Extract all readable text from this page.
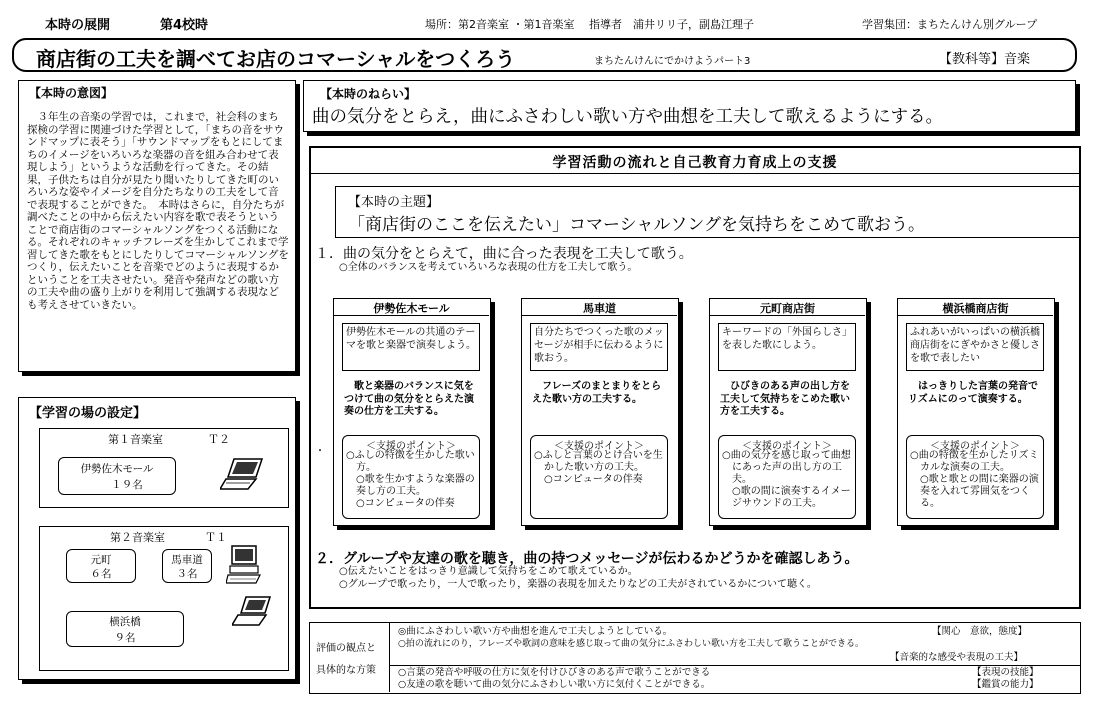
本時の展開	第4校時	場所：第2音楽室 ・第1音楽室　 指導者　浦井リリ子，副島江理子	学習集団：まちたんけん別グループ
商店街の工夫を調べてお店のコマーシャルをつくろう	まちたんけんにでかけようパート3	【教科等】音楽
【本時の意図】
３年生の音楽の学習では，これまで，社会科のまち探検の学習に関連づけた学習として，「まちの音をサウンドマップに表そう」「サウンドマップをもとにしてまちのイメージをいろいろな楽器の音を組み合わせて表現しよう」というような活動を行ってきた。その結果，子供たちは自分が見たり聞いたりしてきた町のいろいろな姿やイメージを自分たちなりの工夫をして音で表現することができた。　本時はさらに，自分たちが調べたことの中から伝えたい内容を歌で表そうということで商店街のコマーシャルソングをつくる活動になる。それぞれのキャッチフレーズを生かしてこれまで学習してきた歌をもとにしたりしてコマーシャルソングをつくり，伝えたいことを音楽でどのように表現するかということを工夫させたい。発音や発声などの歌い方の工夫や曲の盛り上がりを利用して強調する表現なども考えさせていきたい。
【本時のねらい】
曲の気分をとらえ，曲にふさわしい歌い方や曲想を工夫して歌えるようにする。
【学習の場の設定】
第１音楽室	Ｔ２
伊勢佐木モール
１９名
第２音楽室	Ｔ１
元町
６名
馬車道
３名
横浜橋
９名
学習活動の流れと自己教育力育成上の支援
【本時の主題】
「商店街のここを伝えたい」コマーシャルソングを気持ちをこめて歌おう。
１．曲の気分をとらえて，曲に合った表現を工夫して歌う。
○全体のバランスを考えていろいろな表現の仕方を工夫して歌う。
・
伊勢佐木モール
伊勢佐木モールの共通のテーマを歌と楽器で演奏しよう。
歌と楽器のバランスに気をつけて曲の気分をとらえた演奏の仕方を工夫する。
＜支援のポイント＞
○ふしの特徴を生かした歌い方。
○歌を生かすような楽器の奏し方の工夫。
○コンピュータの伴奏
馬車道
自分たちでつくった歌のメッセージが相手に伝わるように歌おう。
フレーズのまとまりをとらえた歌い方の工夫する。
＜支援のポイント＞
○ふしと言葉のとけ合いを生かした歌い方の工夫。
○コンピュータの伴奏
元町商店街
キーワードの「外国らしさ」を表した歌にしよう。
ひびきのある声の出し方を工夫して気持ちをこめた歌い方を工夫する。
＜支援のポイント＞
○曲の気分を感じ取って曲想にあった声の出し方の工夫。
○歌の間に演奏するイメージサウンドの工夫。
横浜橋商店街
ふれあいがいっぱいの横浜橋商店街をにぎやかさと優しさを歌で表したい
はっきりした言葉の発音でリズムにのって演奏する。
＜支援のポイント＞
○曲の特徴を生かしたリズミカルな演奏の工夫。
○歌と歌との間に楽器の演奏を入れて雰囲気をつくる。
２．グループや友達の歌を聴き，曲の持つメッセージが伝わるかどうかを確認しあう。
○伝えたいことをはっきり意識して気持ちをこめて歌えているか。
○グループで歌ったり，一人で歌ったり，楽器の表現を加えたりなどの工夫がされているかについて聴く。
評価の観点と
具体的な方策
◎曲にふさわしい歌い方や曲想を進んで工夫しようとしている。	【関心　意欲，態度】
○拍の流れにのり，フレーズや歌詞の意味を感じ取って曲の気分にふさわしい歌い方を工夫して歌うことができる。
【音楽的な感受や表現の工夫】
○言葉の発音や呼吸の仕方に気を付けひびきのある声で歌うことができる	【表現の技能】
○友達の歌を聴いて曲の気分にふさわしい歌い方に気付くことができる。	【鑑賞の能力】
